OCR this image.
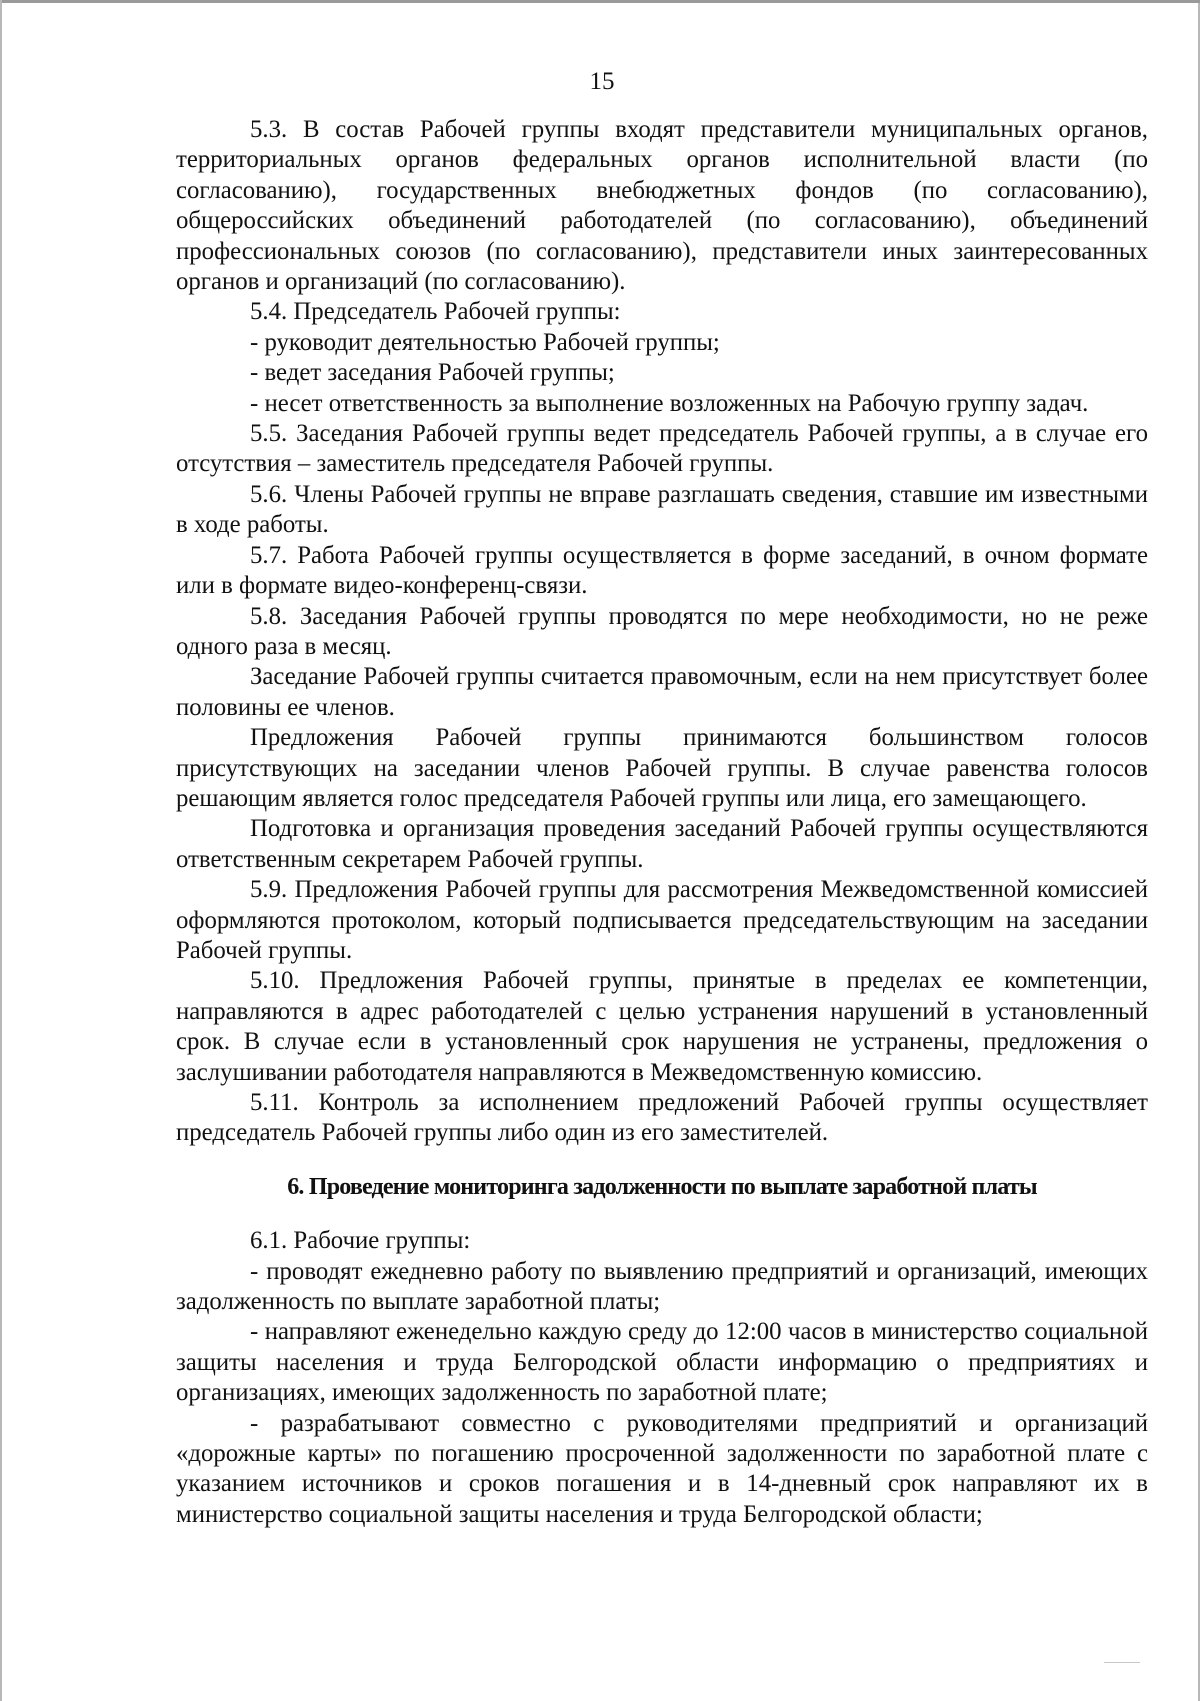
15

5.3. В состав Рабочей группы входят представители муниципальных органов, территориальных органов федеральных органов исполнительной власти (по согласованию), государственных внебюджетных фондов (по согласованию), общероссийских объединений работодателей (по согласованию), объединений профессиональных союзов (по согласованию), представители иных заинтересованных органов и организаций (по согласованию).

5.4. Председатель Рабочей группы:

- руководит деятельностью Рабочей группы;

- ведет заседания Рабочей группы;

- несет ответственность за выполнение возложенных на Рабочую группу задач.

5.5. Заседания Рабочей группы ведет председатель Рабочей группы, а в случае его отсутствия – заместитель председателя Рабочей группы.

5.6. Члены Рабочей группы не вправе разглашать сведения, ставшие им известными в ходе работы.

5.7. Работа Рабочей группы осуществляется в форме заседаний, в очном формате или в формате видео-конференц-связи.

5.8. Заседания Рабочей группы проводятся по мере необходимости, но не реже одного раза в месяц.

Заседание Рабочей группы считается правомочным, если на нем присутствует более половины ее членов.

Предложения Рабочей группы принимаются большинством голосов присутствующих на заседании членов Рабочей группы. В случае равенства голосов решающим является голос председателя Рабочей группы или лица, его замещающего.

Подготовка и организация проведения заседаний Рабочей группы осуществляются ответственным секретарем Рабочей группы.

5.9. Предложения Рабочей группы для рассмотрения Межведомственной комиссией оформляются протоколом, который подписывается председательствующим на заседании Рабочей группы.

5.10. Предложения Рабочей группы, принятые в пределах ее компетенции, направляются в адрес работодателей с целью устранения нарушений в установленный срок. В случае если в установленный срок нарушения не устранены, предложения о заслушивании работодателя направляются в Межведомственную комиссию.

5.11. Контроль за исполнением предложений Рабочей группы осуществляет председатель Рабочей группы либо один из его заместителей.

6. Проведение мониторинга задолженности по выплате заработной платы

6.1. Рабочие группы:

- проводят ежедневно работу по выявлению предприятий и организаций, имеющих задолженность по выплате заработной платы;

- направляют еженедельно каждую среду до 12:00 часов в министерство социальной защиты населения и труда Белгородской области информацию о предприятиях и организациях, имеющих задолженность по заработной плате;

- разрабатывают совместно с руководителями предприятий и организаций «дорожные карты» по погашению просроченной задолженности по заработной плате с указанием источников и сроков погашения и в 14-дневный срок направляют их в министерство социальной защиты населения и труда Белгородской области;
